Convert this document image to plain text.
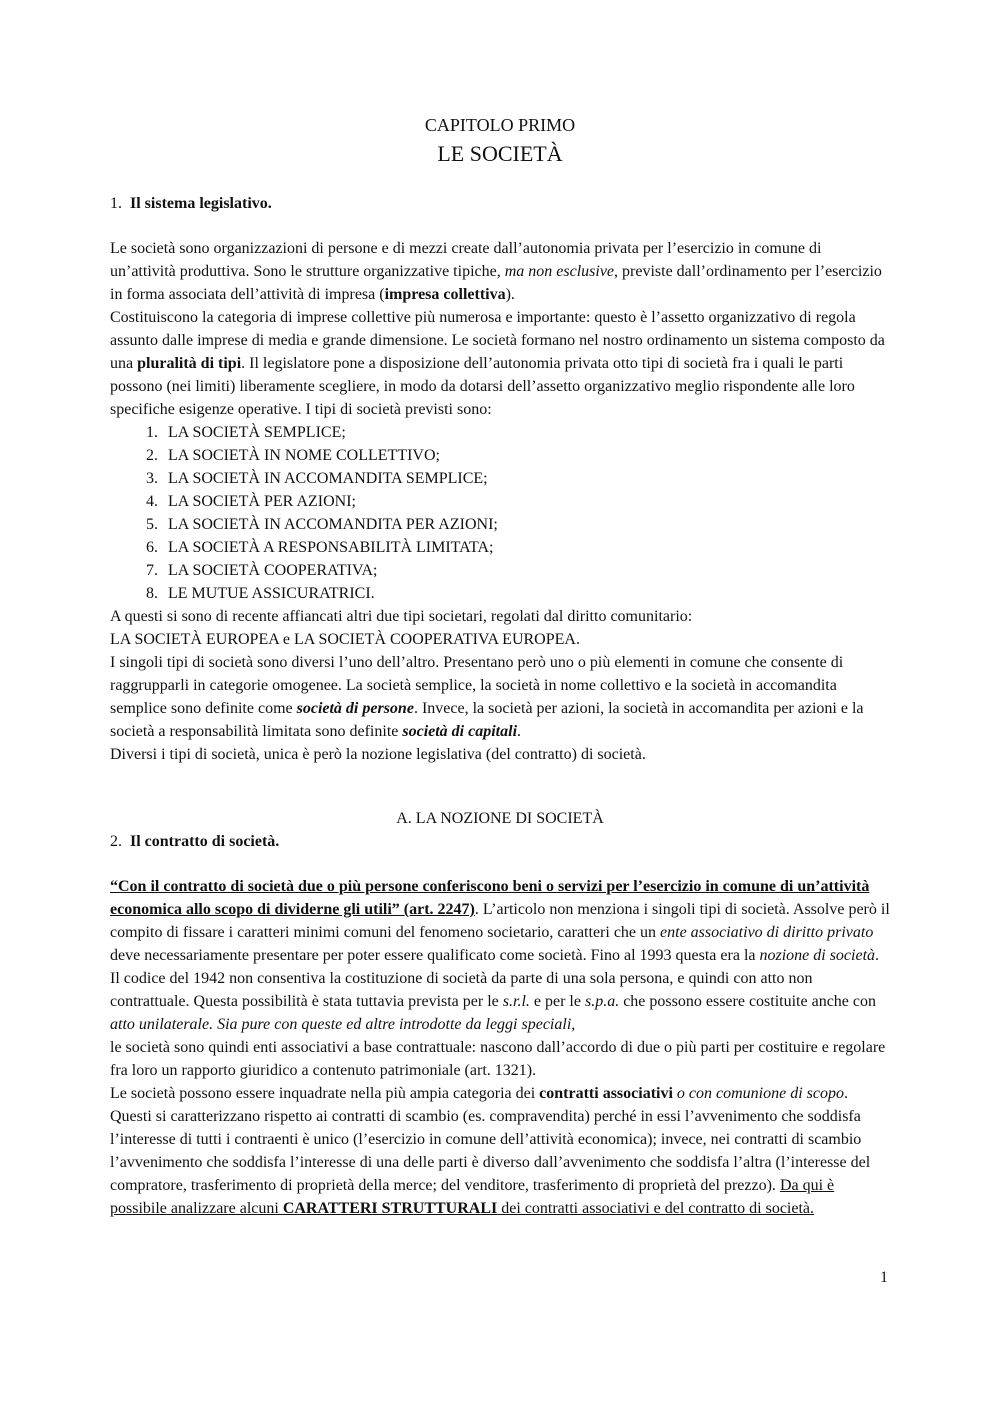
CAPITOLO PRIMO
LE SOCIETÀ
1. Il sistema legislativo.

Le società sono organizzazioni di persone e di mezzi create dall’autonomia privata per l’esercizio in comune di un’attività produttiva. Sono le strutture organizzative tipiche, ma non esclusive, previste dall’ordinamento per l’esercizio in forma associata dell’attività di impresa (impresa collettiva).

Costituiscono la categoria di imprese collettive più numerosa e importante: questo è l’assetto organizzativo di regola assunto dalle imprese di media e grande dimensione. Le società formano nel nostro ordinamento un sistema composto da una pluralità di tipi. Il legislatore pone a disposizione dell’autonomia privata otto tipi di società fra i quali le parti possono (nei limiti) liberamente scegliere, in modo da dotarsi dell’assetto organizzativo meglio rispondente alle loro specifiche esigenze operative. I tipi di società previsti sono:

1. LA SOCIETÀ SEMPLICE;
2. LA SOCIETÀ IN NOME COLLETTIVO;
3. LA SOCIETÀ IN ACCOMANDITA SEMPLICE;
4. LA SOCIETÀ PER AZIONI;
5. LA SOCIETÀ IN ACCOMANDITA PER AZIONI;
6. LA SOCIETÀ A RESPONSABILITÀ LIMITATA;
7. LA SOCIETÀ COOPERATIVA;
8. LE MUTUE ASSICURATRICI.

A questi si sono di recente affiancati altri due tipi societari, regolati dal diritto comunitario:

LA SOCIETÀ EUROPEA e LA SOCIETÀ COOPERATIVA EUROPEA.

I singoli tipi di società sono diversi l’uno dell’altro. Presentano però uno o più elementi in comune che consente di raggrupparli in categorie omogenee. La società semplice, la società in nome collettivo e la società in accomandita semplice sono definite come società di persone. Invece, la società per azioni, la società in accomandita per azioni e la società a responsabilità limitata sono definite società di capitali.

Diversi i tipi di società, unica è però la nozione legislativa (del contratto) di società.

A. LA NOZIONE DI SOCIETÀ
2. Il contratto di società.

“Con il contratto di società due o più persone conferiscono beni o servizi per l’esercizio in comune di un’attività economica allo scopo di dividerne gli utili” (art. 2247). L’articolo non menziona i singoli tipi di società. Assolve però il compito di fissare i caratteri minimi comuni del fenomeno societario, caratteri che un ente associativo di diritto privato deve necessariamente presentare per poter essere qualificato come società. Fino al 1993 questa era la nozione di società. Il codice del 1942 non consentiva la costituzione di società da parte di una sola persona, e quindi con atto non contrattuale. Questa possibilità è stata tuttavia prevista per le s.r.l. e per le s.p.a. che possono essere costituite anche con atto unilaterale. Sia pure con queste ed altre introdotte da leggi speciali,

le società sono quindi enti associativi a base contrattuale: nascono dall’accordo di due o più parti per costituire e regolare fra loro un rapporto giuridico a contenuto patrimoniale (art. 1321).

Le società possono essere inquadrate nella più ampia categoria dei contratti associativi o con comunione di scopo. Questi si caratterizzano rispetto ai contratti di scambio (es. compravendita) perché in essi l’avvenimento che soddisfa l’interesse di tutti i contraenti è unico (l’esercizio in comune dell’attività economica); invece, nei contratti di scambio l’avvenimento che soddisfa l’interesse di una delle parti è diverso dall’avvenimento che soddisfa l’altra (l’interesse del compratore, trasferimento di proprietà della merce; del venditore, trasferimento di proprietà del prezzo). Da qui è possibile analizzare alcuni CARATTERI STRUTTURALI dei contratti associativi e del contratto di società.

1
